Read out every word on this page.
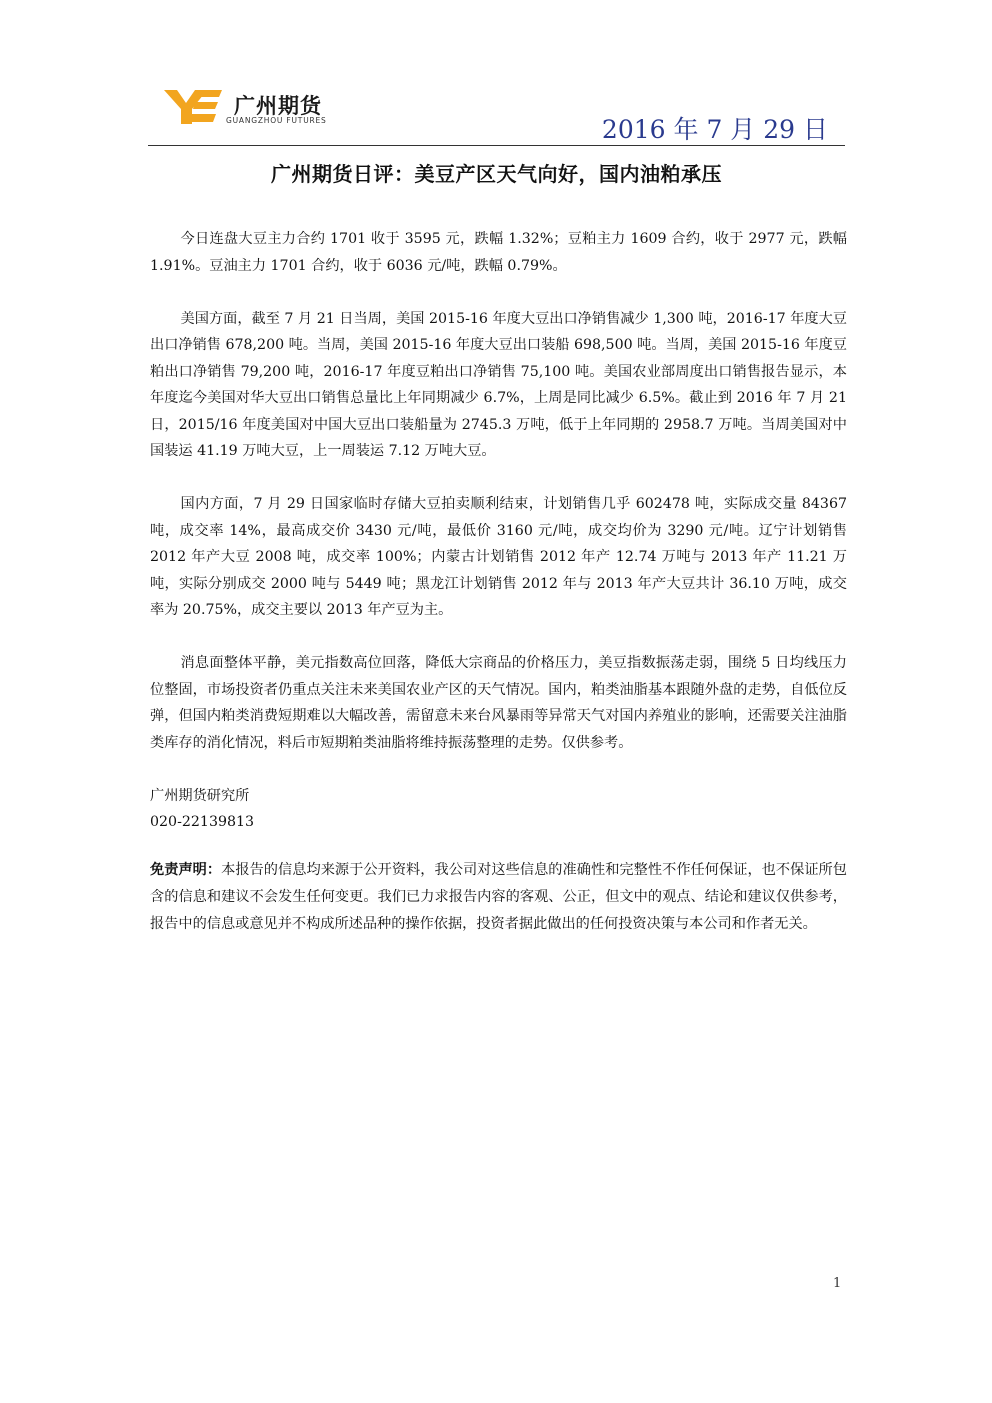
广州期货
GUANGZHOU FUTURES	2016 年 7 月 29 日
广州期货日评：美豆产区天气向好，国内油粕承压

今日连盘大豆主力合约 1701 收于 3595 元，跌幅 1.32%；豆粕主力 1609 合约，收于 2977 元，跌幅 1.91%。豆油主力 1701 合约，收于 6036 元/吨，跌幅 0.79%。

美国方面，截至 7 月 21 日当周，美国 2015-16 年度大豆出口净销售减少 1,300 吨，2016-17 年度大豆出口净销售 678,200 吨。当周，美国 2015-16 年度大豆出口装船 698,500 吨。当周，美国 2015-16 年度豆粕出口净销售 79,200 吨，2016-17 年度豆粕出口净销售 75,100 吨。美国农业部周度出口销售报告显示，本年度迄今美国对华大豆出口销售总量比上年同期减少 6.7%，上周是同比减少 6.5%。截止到 2016 年 7 月 21 日，2015/16 年度美国对中国大豆出口装船量为 2745.3 万吨，低于上年同期的 2958.7 万吨。当周美国对中国装运 41.19 万吨大豆，上一周装运 7.12 万吨大豆。

国内方面，7 月 29 日国家临时存储大豆拍卖顺利结束，计划销售几乎 602478 吨，实际成交量 84367 吨，成交率 14%，最高成交价 3430 元/吨，最低价 3160 元/吨，成交均价为 3290 元/吨。辽宁计划销售 2012 年产大豆 2008 吨，成交率 100%；内蒙古计划销售 2012 年产 12.74 万吨与 2013 年产 11.21 万吨，实际分别成交 2000 吨与 5449 吨；黑龙江计划销售 2012 年与 2013 年产大豆共计 36.10 万吨，成交率为 20.75%，成交主要以 2013 年产豆为主。

消息面整体平静，美元指数高位回落，降低大宗商品的价格压力，美豆指数振荡走弱，围绕 5 日均线压力位整固，市场投资者仍重点关注未来美国农业产区的天气情况。国内，粕类油脂基本跟随外盘的走势，自低位反弹，但国内粕类消费短期难以大幅改善，需留意未来台风暴雨等异常天气对国内养殖业的影响，还需要关注油脂类库存的消化情况，料后市短期粕类油脂将维持振荡整理的走势。仅供参考。

广州期货研究所
020-22139813
免责声明：本报告的信息均来源于公开资料，我公司对这些信息的准确性和完整性不作任何保证，也不保证所包含的信息和建议不会发生任何变更。我们已力求报告内容的客观、公正，但文中的观点、结论和建议仅供参考，报告中的信息或意见并不构成所述品种的操作依据，投资者据此做出的任何投资决策与本公司和作者无关。
1
